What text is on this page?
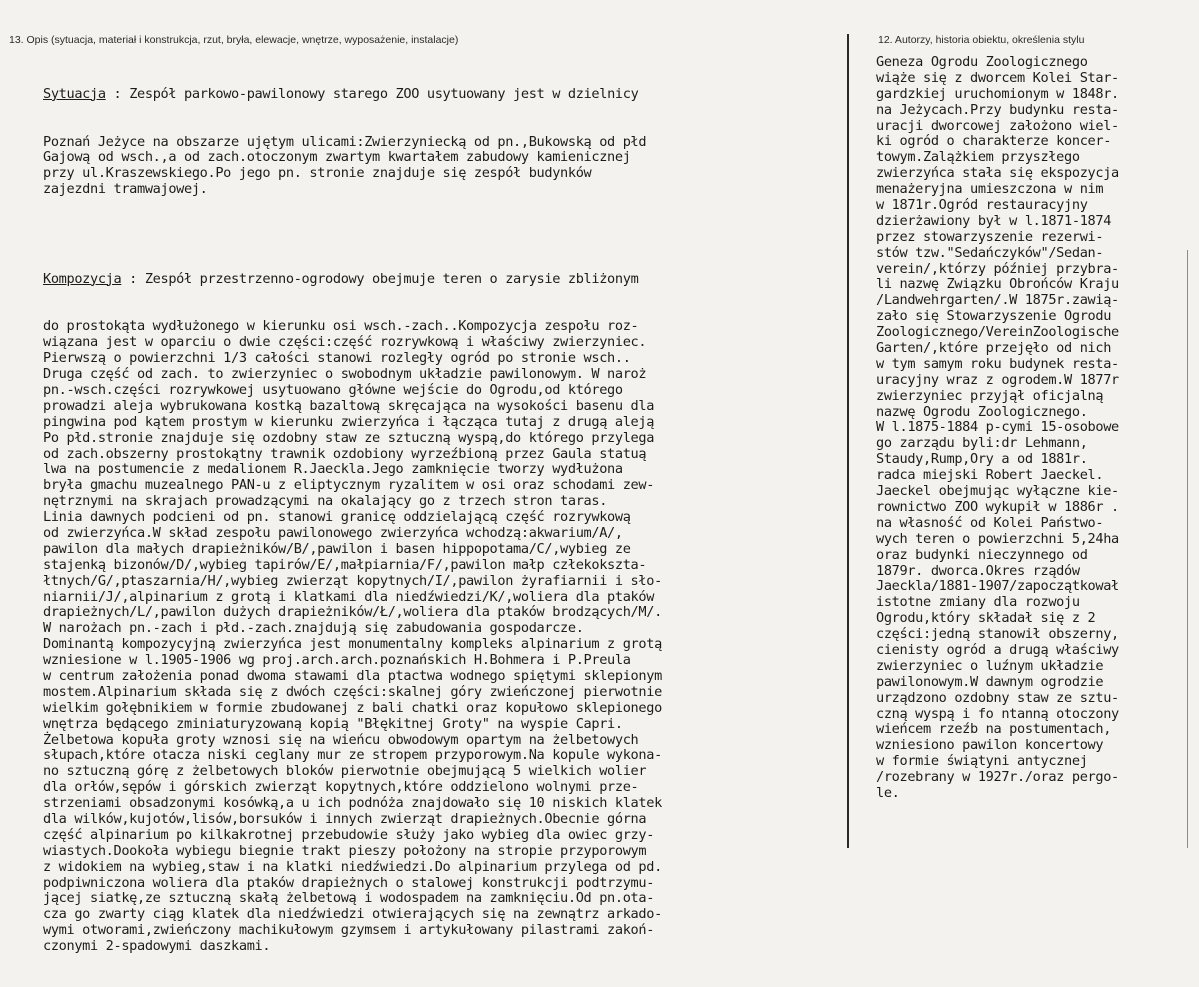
13. Opis (sytuacja, materiał i konstrukcja, rzut, bryła, elewacje, wnętrze, wyposażenie, instalacje)	12. Autorzy, historia obiektu, określenia stylu

Sytuacja : Zespół parkowo-pawilonowy starego ZOO usytuowany jest w dzielnicy

Poznań Jeżyce na obszarze ujętym ulicami:Zwierzyniecką od pn.,Bukowską od płd
Gajową od wsch.,a od zach.otoczonym zwartym kwartałem zabudowy kamienicznej
przy ul.Kraszewskiego.Po jego pn. stronie znajduje się zespół budynków
zajezdni tramwajowej.

Kompozycja : Zespół przestrzenno-ogrodowy obejmuje teren o zarysie zbliżonym

do prostokąta wydłużonego w kierunku osi wsch.-zach..Kompozycja zespołu roz-
wiązana jest w oparciu o dwie części:część rozrywkową i właściwy zwierzyniec.
Pierwszą o powierzchni 1/3 całości stanowi rozległy ogród po stronie wsch..
Druga część od zach. to zwierzyniec o swobodnym układzie pawilonowym. W naroż
pn.-wsch.części rozrywkowej usytuowano główne wejście do Ogrodu,od którego
prowadzi aleja wybrukowana kostką bazaltową skręcająca na wysokości basenu dla
pingwina pod kątem prostym w kierunku zwierzyńca i łącząca tutaj z drugą aleją
Po płd.stronie znajduje się ozdobny staw ze sztuczną wyspą,do którego przylega
od zach.obszerny prostokątny trawnik ozdobiony wyrzeźbioną przez Gaula statuą
lwa na postumencie z medalionem R.Jaeckla.Jego zamknięcie tworzy wydłużona
bryła gmachu muzealnego PAN-u z eliptycznym ryzalitem w osi oraz schodami zew-
nętrznymi na skrajach prowadzącymi na okalający go z trzech stron taras.
Linia dawnych podcieni od pn. stanowi granicę oddzielającą część rozrywkową
od zwierzyńca.W skład zespołu pawilonowego zwierzyńca wchodzą:akwarium/A/,
pawilon dla małych drapieżników/B/,pawilon i basen hippopotama/C/,wybieg ze
stajenką bizonów/D/,wybieg tapirów/E/,małpiarnia/F/,pawilon małp człekokszta-
łtnych/G/,ptaszarnia/H/,wybieg zwierząt kopytnych/I/,pawilon żyrafiarnii i sło-
niarnii/J/,alpinarium z grotą i klatkami dla niedźwiedzi/K/,woliera dla ptaków
drapieżnych/L/,pawilon dużych drapieżników/Ł/,woliera dla ptaków brodzących/M/.
W narożach pn.-zach i płd.-zach.znajdują się zabudowania gospodarcze.
Dominantą kompozycyjną zwierzyńca jest monumentalny kompleks alpinarium z grotą
wzniesione w l.1905-1906 wg proj.arch.arch.poznańskich H.Bohmera i P.Preula
w centrum założenia ponad dwoma stawami dla ptactwa wodnego spiętymi sklepionym
mostem.Alpinarium składa się z dwóch części:skalnej góry zwieńczonej pierwotnie
wielkim gołębnikiem w formie zbudowanej z bali chatki oraz kopułowo sklepionego
wnętrza będącego zminiaturyzowaną kopią "Błękitnej Groty" na wyspie Capri.
Żelbetowa kopuła groty wznosi się na wieńcu obwodowym opartym na żelbetowych
słupach,które otacza niski ceglany mur ze stropem przyporowym.Na kopule wykona-
no sztuczną górę z żelbetowych bloków pierwotnie obejmującą 5 wielkich wolier
dla orłów,sępów i górskich zwierząt kopytnych,które oddzielono wolnymi prze-
strzeniami obsadzonymi kosówką,a u ich podnóża znajdowało się 10 niskich klatek
dla wilków,kujotów,lisów,borsuków i innych zwierząt drapieżnych.Obecnie górna
część alpinarium po kilkakrotnej przebudowie służy jako wybieg dla owiec grzy-
wiastych.Dookoła wybiegu biegnie trakt pieszy położony na stropie przyporowym
z widokiem na wybieg,staw i na klatki niedźwiedzi.Do alpinarium przylega od pd.
podpiwniczona woliera dla ptaków drapieżnych o stalowej konstrukcji podtrzymu-
jącej siatkę,ze sztuczną skałą żelbetową i wodospadem na zamknięciu.Od pn.ota-
cza go zwarty ciąg klatek dla niedźwiedzi otwierających się na zewnątrz arkado-
wymi otworami,zwieńczony machikułowym gzymsem i artykułowany pilastrami zakoń-
czonymi 2-spadowymi daszkami.

Geneza Ogrodu Zoologicznego
wiąże się z dworcem Kolei Star-
gardzkiej uruchomionym w 1848r.
na Jeżycach.Przy budynku resta-
uracji dworcowej założono wiel-
ki ogród o charakterze koncer-
towym.Zalążkiem przyszłego
zwierzyńca stała się ekspozycja
menażeryjna umieszczona w nim
w 1871r.Ogród restauracyjny
dzierżawiony był w l.1871-1874
przez stowarzyszenie rezerwi-
stów tzw."Sedańczyków"/Sedan-
verein/,którzy później przybra-
li nazwę Związku Obrońców Kraju
/Landwehrgarten/.W 1875r.zawią-
zało się Stowarzyszenie Ogrodu
Zoologicznego/VereinZoologische
Garten/,które przejęło od nich
w tym samym roku budynek resta-
uracyjny wraz z ogrodem.W 1877r
zwierzyniec przyjął oficjalną
nazwę Ogrodu Zoologicznego.
W l.1875-1884 p-cymi 15-osobowe
go zarządu byli:dr Lehmann,
Staudy,Rump,Ory a od 1881r.
radca miejski Robert Jaeckel.
Jaeckel obejmując wyłączne kie-
rownictwo ZOO wykupił w 1886r .
na własność od Kolei Państwo-
wych teren o powierzchni 5,24ha
oraz budynki nieczynnego od
1879r. dworca.Okres rządów
Jaeckla/1881-1907/zapoczątkował
istotne zmiany dla rozwoju
Ogrodu,który składał się z 2
części:jedną stanowił obszerny,
cienisty ogród a drugą właściwy
zwierzyniec o luźnym układzie
pawilonowym.W dawnym ogrodzie
urządzono ozdobny staw ze sztu-
czną wyspą i fo ntanną otoczony
wieńcem rzeźb na postumentach,
wzniesiono pawilon koncertowy
w formie świątyni antycznej
/rozebrany w 1927r./oraz pergo-
le.
